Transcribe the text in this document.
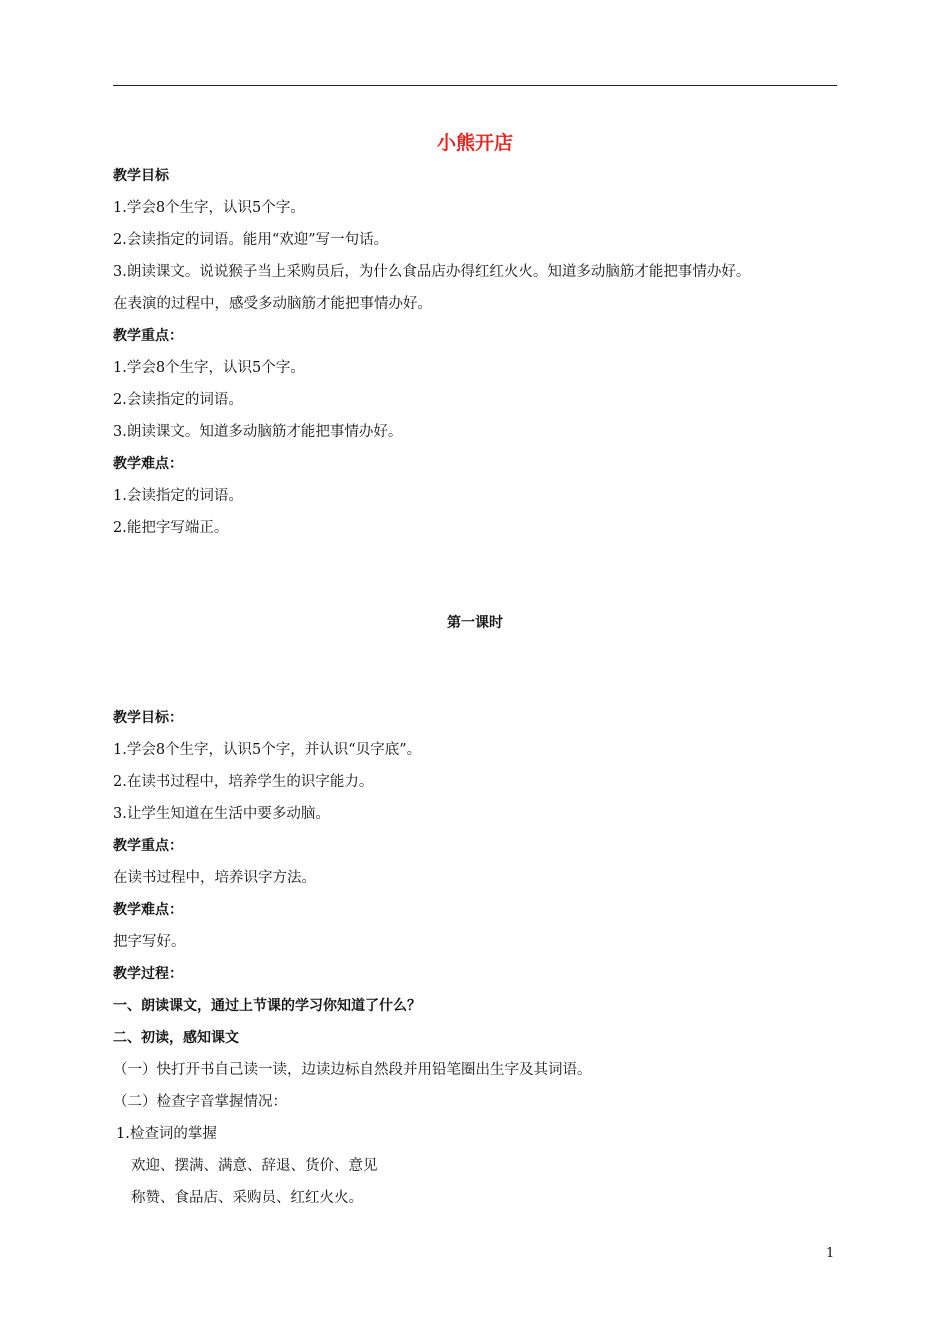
小熊开店
教学目标
1.学会8个生字，认识5个字。
2.会读指定的词语。能用“欢迎”写一句话。
3.朗读课文。说说猴子当上采购员后，为什么食品店办得红红火火。知道多动脑筋才能把事情办好。
在表演的过程中，感受多动脑筋才能把事情办好。
教学重点：
1.学会8个生字，认识5个字。
2.会读指定的词语。
3.朗读课文。知道多动脑筋才能把事情办好。
教学难点：
1.会读指定的词语。
2.能把字写端正。
第一课时
教学目标：
1.学会8个生字，认识5个字，并认识“贝字底”。
2.在读书过程中，培养学生的识字能力。
3.让学生知道在生活中要多动脑。
教学重点：
在读书过程中，培养识字方法。
教学难点：
把字写好。
教学过程：
一、朗读课文，通过上节课的学习你知道了什么？
二、初读，感知课文
（一）快打开书自己读一读，边读边标自然段并用铅笔圈出生字及其词语。
（二）检查字音掌握情况：
1.检查词的掌握
欢迎、摆满、满意、辞退、货价、意见
称赞、食品店、采购员、红红火火。
1
